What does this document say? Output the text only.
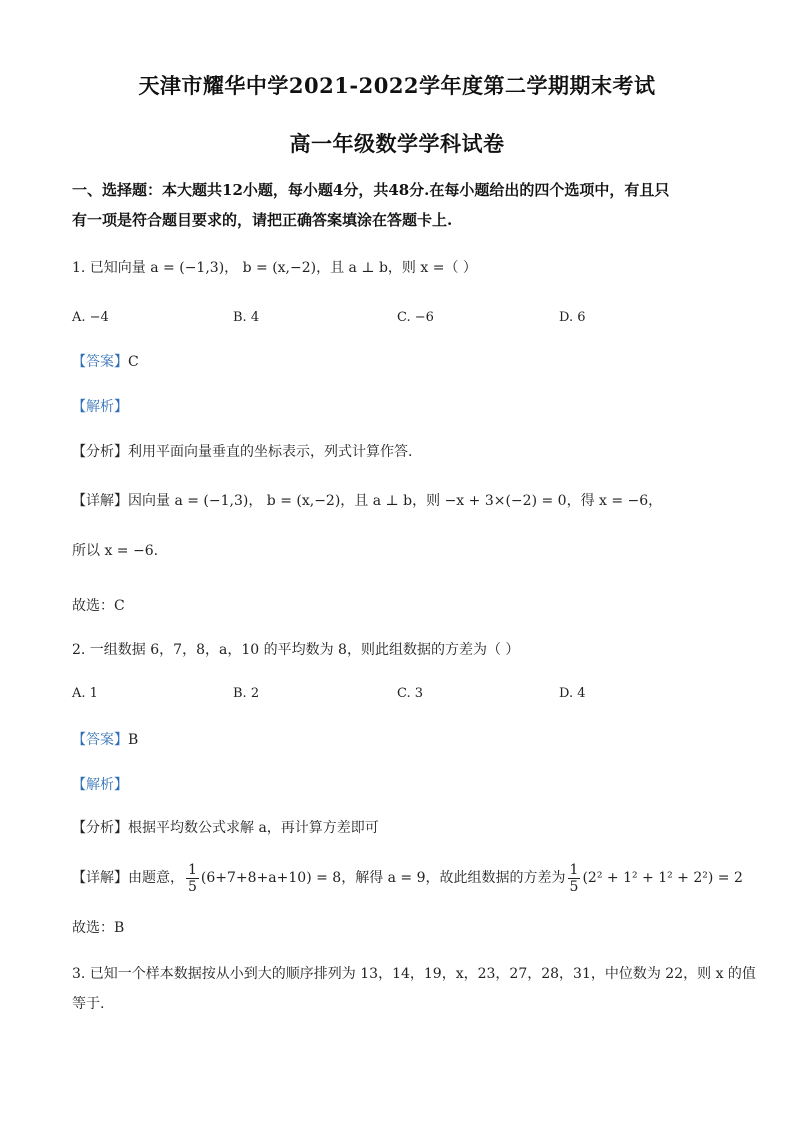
天津市耀华中学2021-2022学年度第二学期期末考试
高一年级数学学科试卷
一、选择题：本大题共12小题，每小题4分，共48分.在每小题给出的四个选项中，有且只
有一项是符合题目要求的，请把正确答案填涂在答题卡上.
1. 已知向量 a = (−1,3)， b = (x,−2)，且 a ⊥ b，则 x =（ ）
A. −4	B. 4	C. −6	D. 6
【答案】C
【解析】
【分析】利用平面向量垂直的坐标表示，列式计算作答.
【详解】因向量 a = (−1,3)， b = (x,−2)，且 a ⊥ b，则 −x + 3×(−2) = 0，得 x = −6，
所以 x = −6.
故选：C
2. 一组数据 6，7，8，a，10 的平均数为 8，则此组数据的方差为（ ）
A. 1	B. 2	C. 3	D. 4
【答案】B
【解析】
【分析】根据平均数公式求解 a，再计算方差即可
【详解】由题意， $\frac{1}{5} (6+7+8+a+10) = 8$，解得 a = 9，故此组数据的方差为 $\frac{1}{5} (2^2 + 1^2 + 1^2 + 2^2) = 2$
故选：B
3. 已知一个样本数据按从小到大的顺序排列为 13，14，19，x，23，27，28，31，中位数为 22，则 x 的值
等于.
